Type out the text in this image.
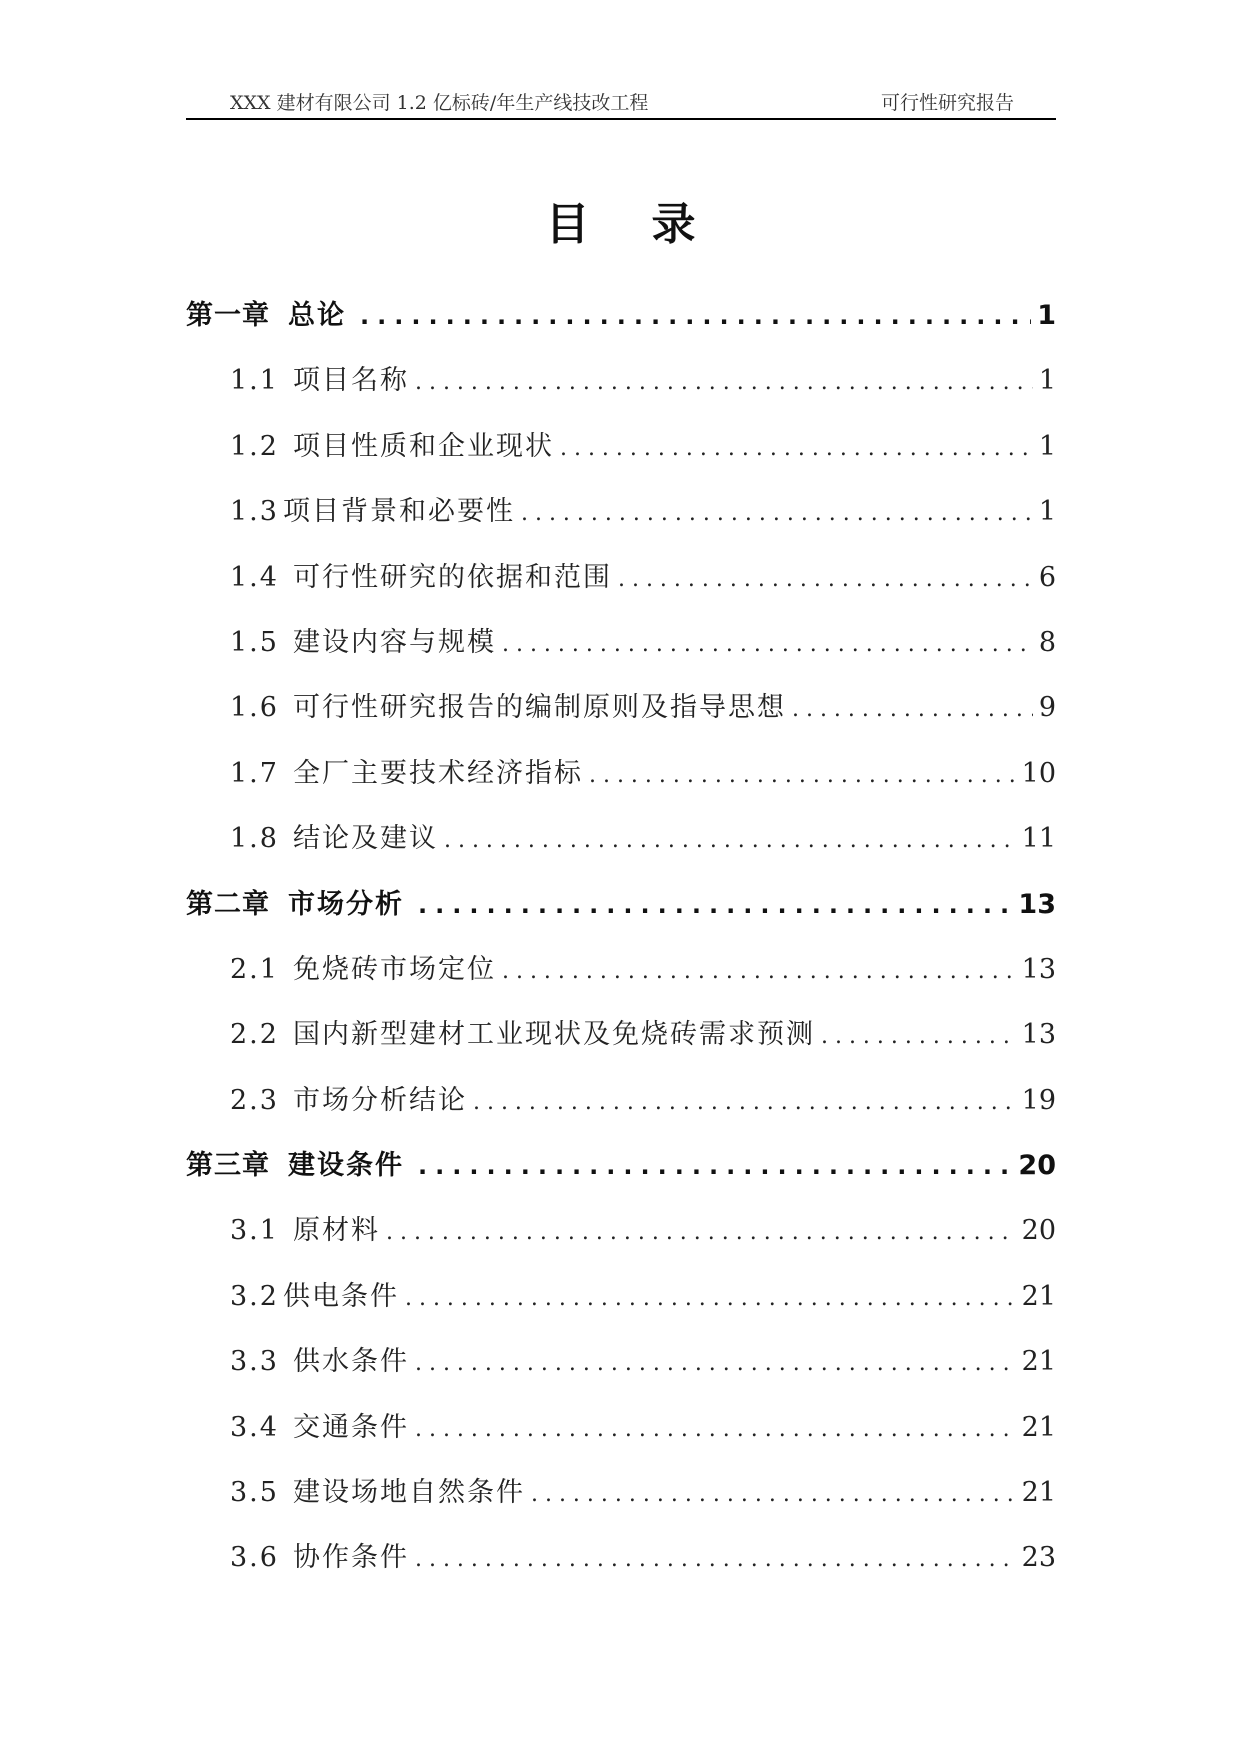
XXX 建材有限公司 1.2 亿标砖/年生产线技改工程	可行性研究报告
目录
第一章 总论 .....	1
1.1 项目名称 .....	1
1.2 项目性质和企业现状 .....	1
1.3 项目背景和必要性 .....	1
1.4 可行性研究的依据和范围 .....	6
1.5 建设内容与规模 .....	8
1.6 可行性研究报告的编制原则及指导思想 .....	9
1.7 全厂主要技术经济指标 .....	10
1.8 结论及建议 .....	11
第二章 市场分析 .....	13
2.1 免烧砖市场定位 .....	13
2.2 国内新型建材工业现状及免烧砖需求预测 .....	13
2.3 市场分析结论 .....	19
第三章 建设条件 .....	20
3.1 原材料 .....	20
3.2 供电条件 .....	21
3.3 供水条件 .....	21
3.4 交通条件 .....	21
3.5 建设场地自然条件 .....	21
3.6 协作条件 .....	23
